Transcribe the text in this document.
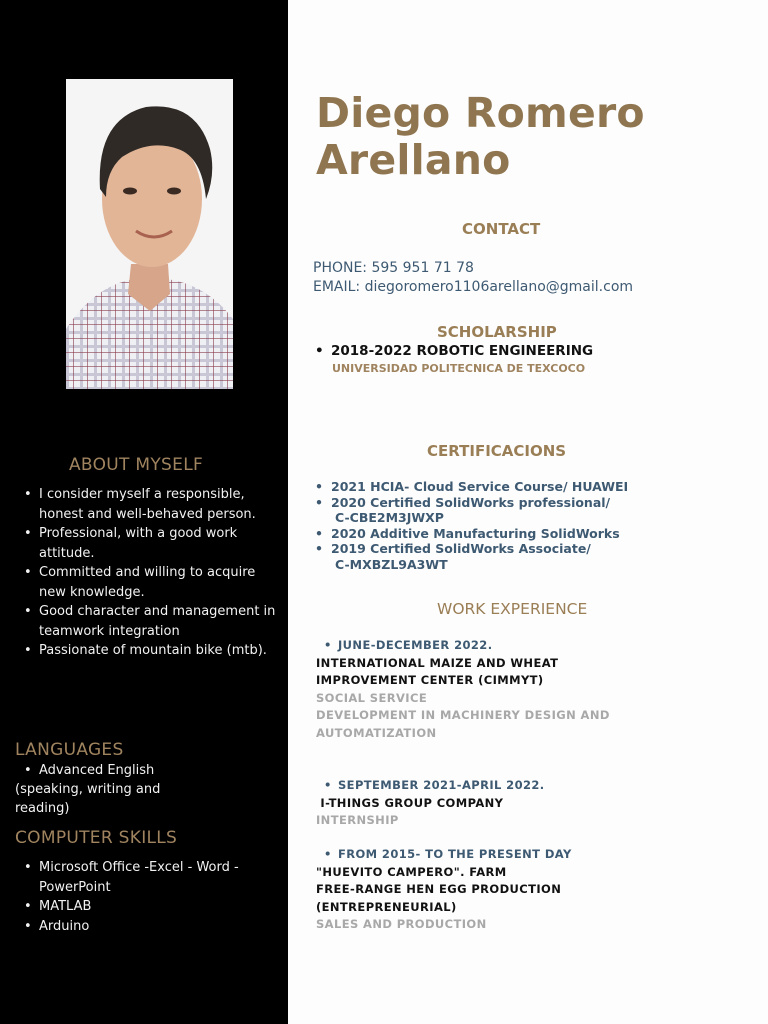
ABOUT MYSELF
• I consider myself a responsible, honest and well-behaved person.
• Professional, with a good work attitude.
• Committed and willing to acquire new knowledge.
• Good character and management in teamwork integration
• Passionate of mountain bike (mtb).
LANGUAGES
• Advanced English
(speaking, writing and reading)
COMPUTER SKILLS
• Microsoft Office -Excel - Word - PowerPoint
• MATLAB
• Arduino
Diego Romero
Arellano
CONTACT
PHONE: 595 951 71 78
EMAIL: diegoromero1106arellano@gmail.com
SCHOLARSHIP
• 2018-2022 ROBOTIC ENGINEERING
UNIVERSIDAD POLITECNICA DE TEXCOCO
CERTIFICACIONS
• 2021 HCIA- Cloud Service Course/ HUAWEI
• 2020 Certified SolidWorks professional/
C-CBE2M3JWXP
• 2020 Additive Manufacturing SolidWorks
• 2019 Certified SolidWorks Associate/
C-MXBZL9A3WT
WORK EXPERIENCE
• JUNE-DECEMBER 2022.
INTERNATIONAL MAIZE AND WHEAT
IMPROVEMENT CENTER (CIMMYT)
SOCIAL SERVICE
DEVELOPMENT IN MACHINERY DESIGN AND
AUTOMATIZATION
• SEPTEMBER 2021-APRIL 2022.
I-THINGS GROUP COMPANY
INTERNSHIP
• FROM 2015- TO THE PRESENT DAY
"HUEVITO CAMPERO". FARM
FREE-RANGE HEN EGG PRODUCTION
(ENTREPRENEURIAL)
SALES AND PRODUCTION
